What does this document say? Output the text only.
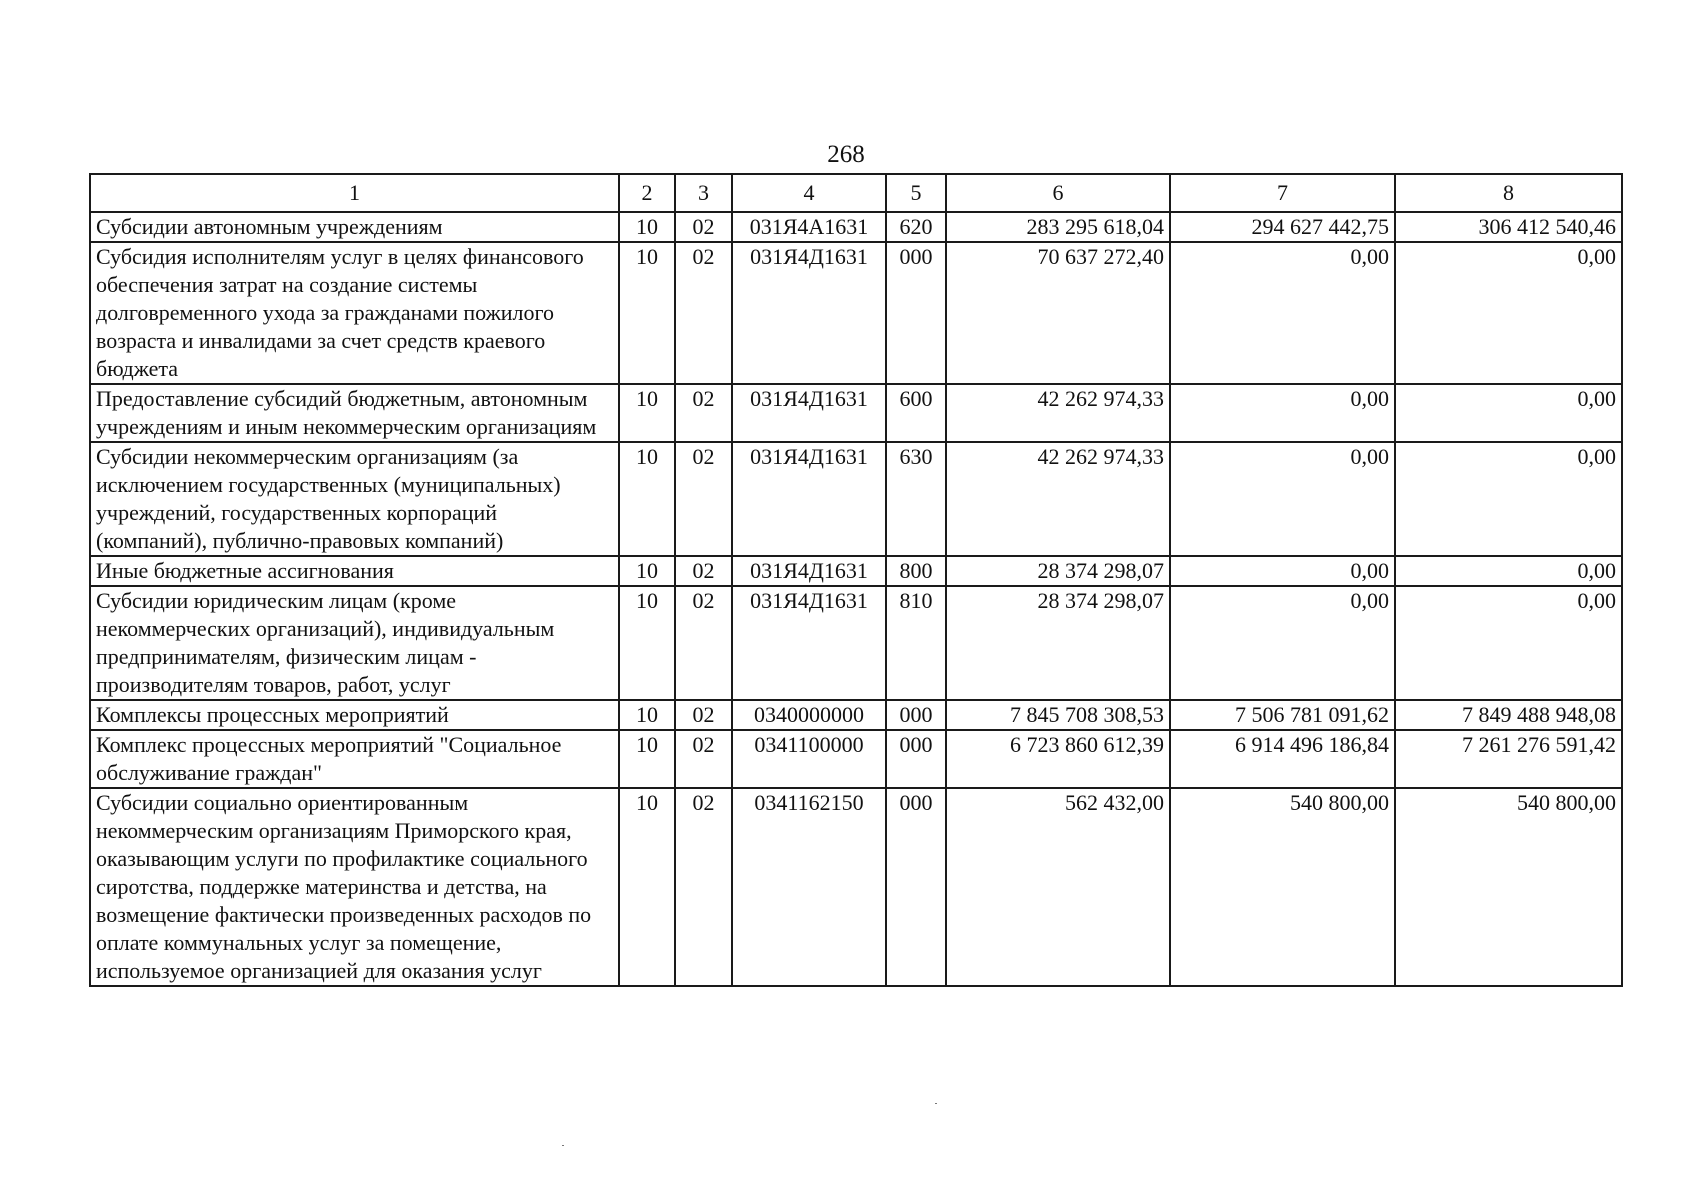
268
1	2	3	4	5	6	7	8
Субсидии автономным учреждениям	10	02	031Я4А1631	620	283 295 618,04	294 627 442,75	306 412 540,46
Субсидия исполнителям услуг в целях финансового обеспечения затрат на создание системы долговременного ухода за гражданами пожилого возраста и инвалидами за счет средств краевого бюджета	10	02	031Я4Д1631	000	70 637 272,40	0,00	0,00
Предоставление субсидий бюджетным, автономным учреждениям и иным некоммерческим организациям	10	02	031Я4Д1631	600	42 262 974,33	0,00	0,00
Субсидии некоммерческим организациям (за исключением государственных (муниципальных) учреждений, государственных корпораций (компаний), публично-правовых компаний)	10	02	031Я4Д1631	630	42 262 974,33	0,00	0,00
Иные бюджетные ассигнования	10	02	031Я4Д1631	800	28 374 298,07	0,00	0,00
Субсидии юридическим лицам (кроме некоммерческих организаций), индивидуальным предпринимателям, физическим лицам - производителям товаров, работ, услуг	10	02	031Я4Д1631	810	28 374 298,07	0,00	0,00
Комплексы процессных мероприятий	10	02	0340000000	000	7 845 708 308,53	7 506 781 091,62	7 849 488 948,08
Комплекс процессных мероприятий "Социальное обслуживание граждан"	10	02	0341100000	000	6 723 860 612,39	6 914 496 186,84	7 261 276 591,42
Субсидии социально ориентированным некоммерческим организациям Приморского края, оказывающим услуги по профилактике социального сиротства, поддержке материнства и детства, на возмещение фактически произведенных расходов по оплате коммунальных услуг за помещение, используемое организацией для оказания услуг	10	02	0341162150	000	562 432,00	540 800,00	540 800,00
